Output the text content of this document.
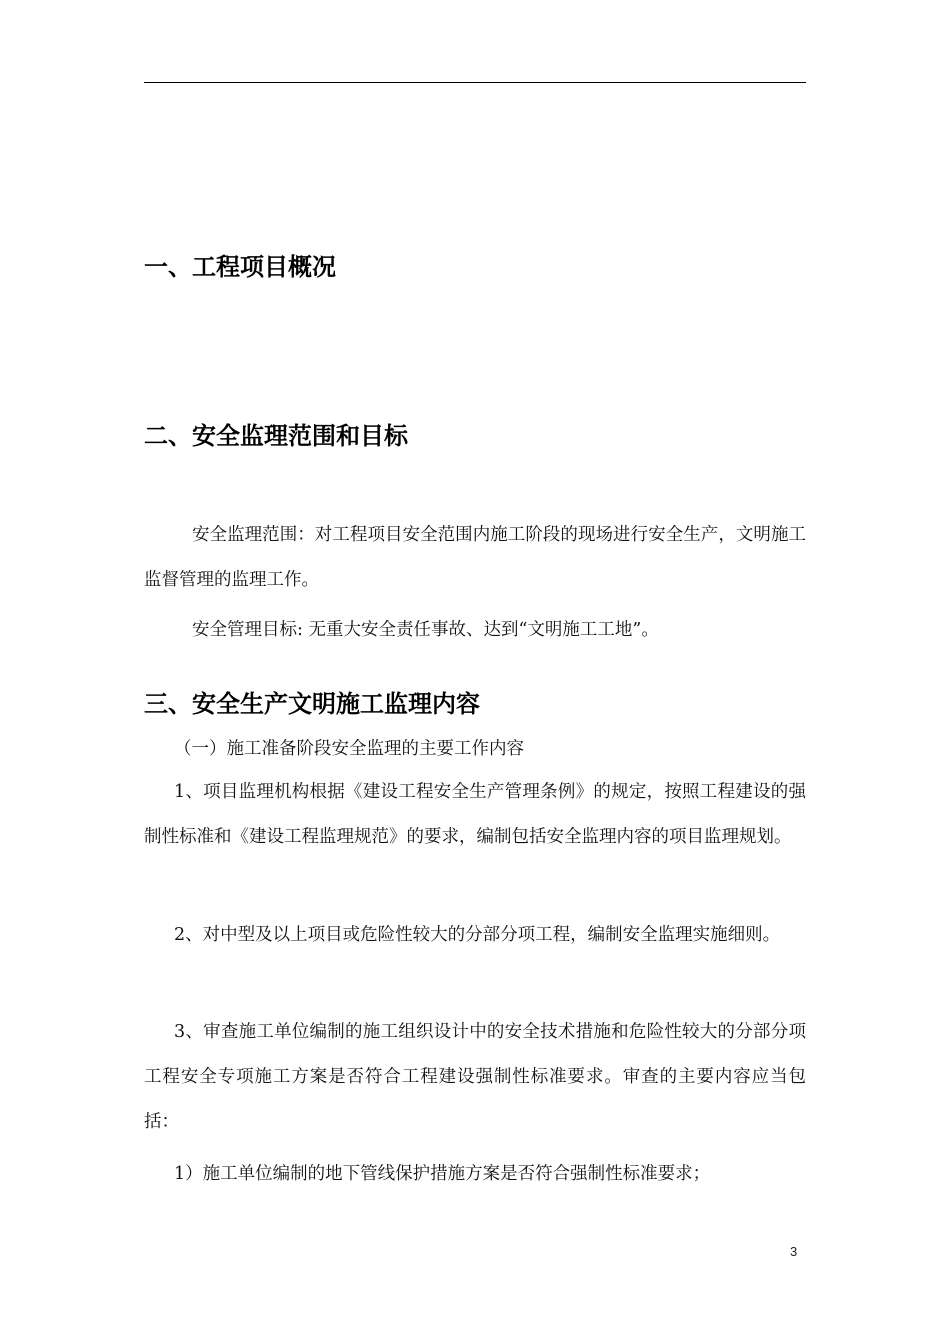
一、工程项目概况
二、安全监理范围和目标

安全监理范围：对工程项目安全范围内施工阶段的现场进行安全生产，文明施工监督管理的监理工作。

安全管理目标: 无重大安全责任事故、达到“文明施工工地”。

三、安全生产文明施工监理内容

（一）施工准备阶段安全监理的主要工作内容

1、项目监理机构根据《建设工程安全生产管理条例》的规定，按照工程建设的强制性标准和《建设工程监理规范》的要求，编制包括安全监理内容的项目监理规划。

2、对中型及以上项目或危险性较大的分部分项工程，编制安全监理实施细则。

3、审查施工单位编制的施工组织设计中的安全技术措施和危险性较大的分部分项工程安全专项施工方案是否符合工程建设强制性标准要求。审查的主要内容应当包括：

1）施工单位编制的地下管线保护措施方案是否符合强制性标准要求；

3
